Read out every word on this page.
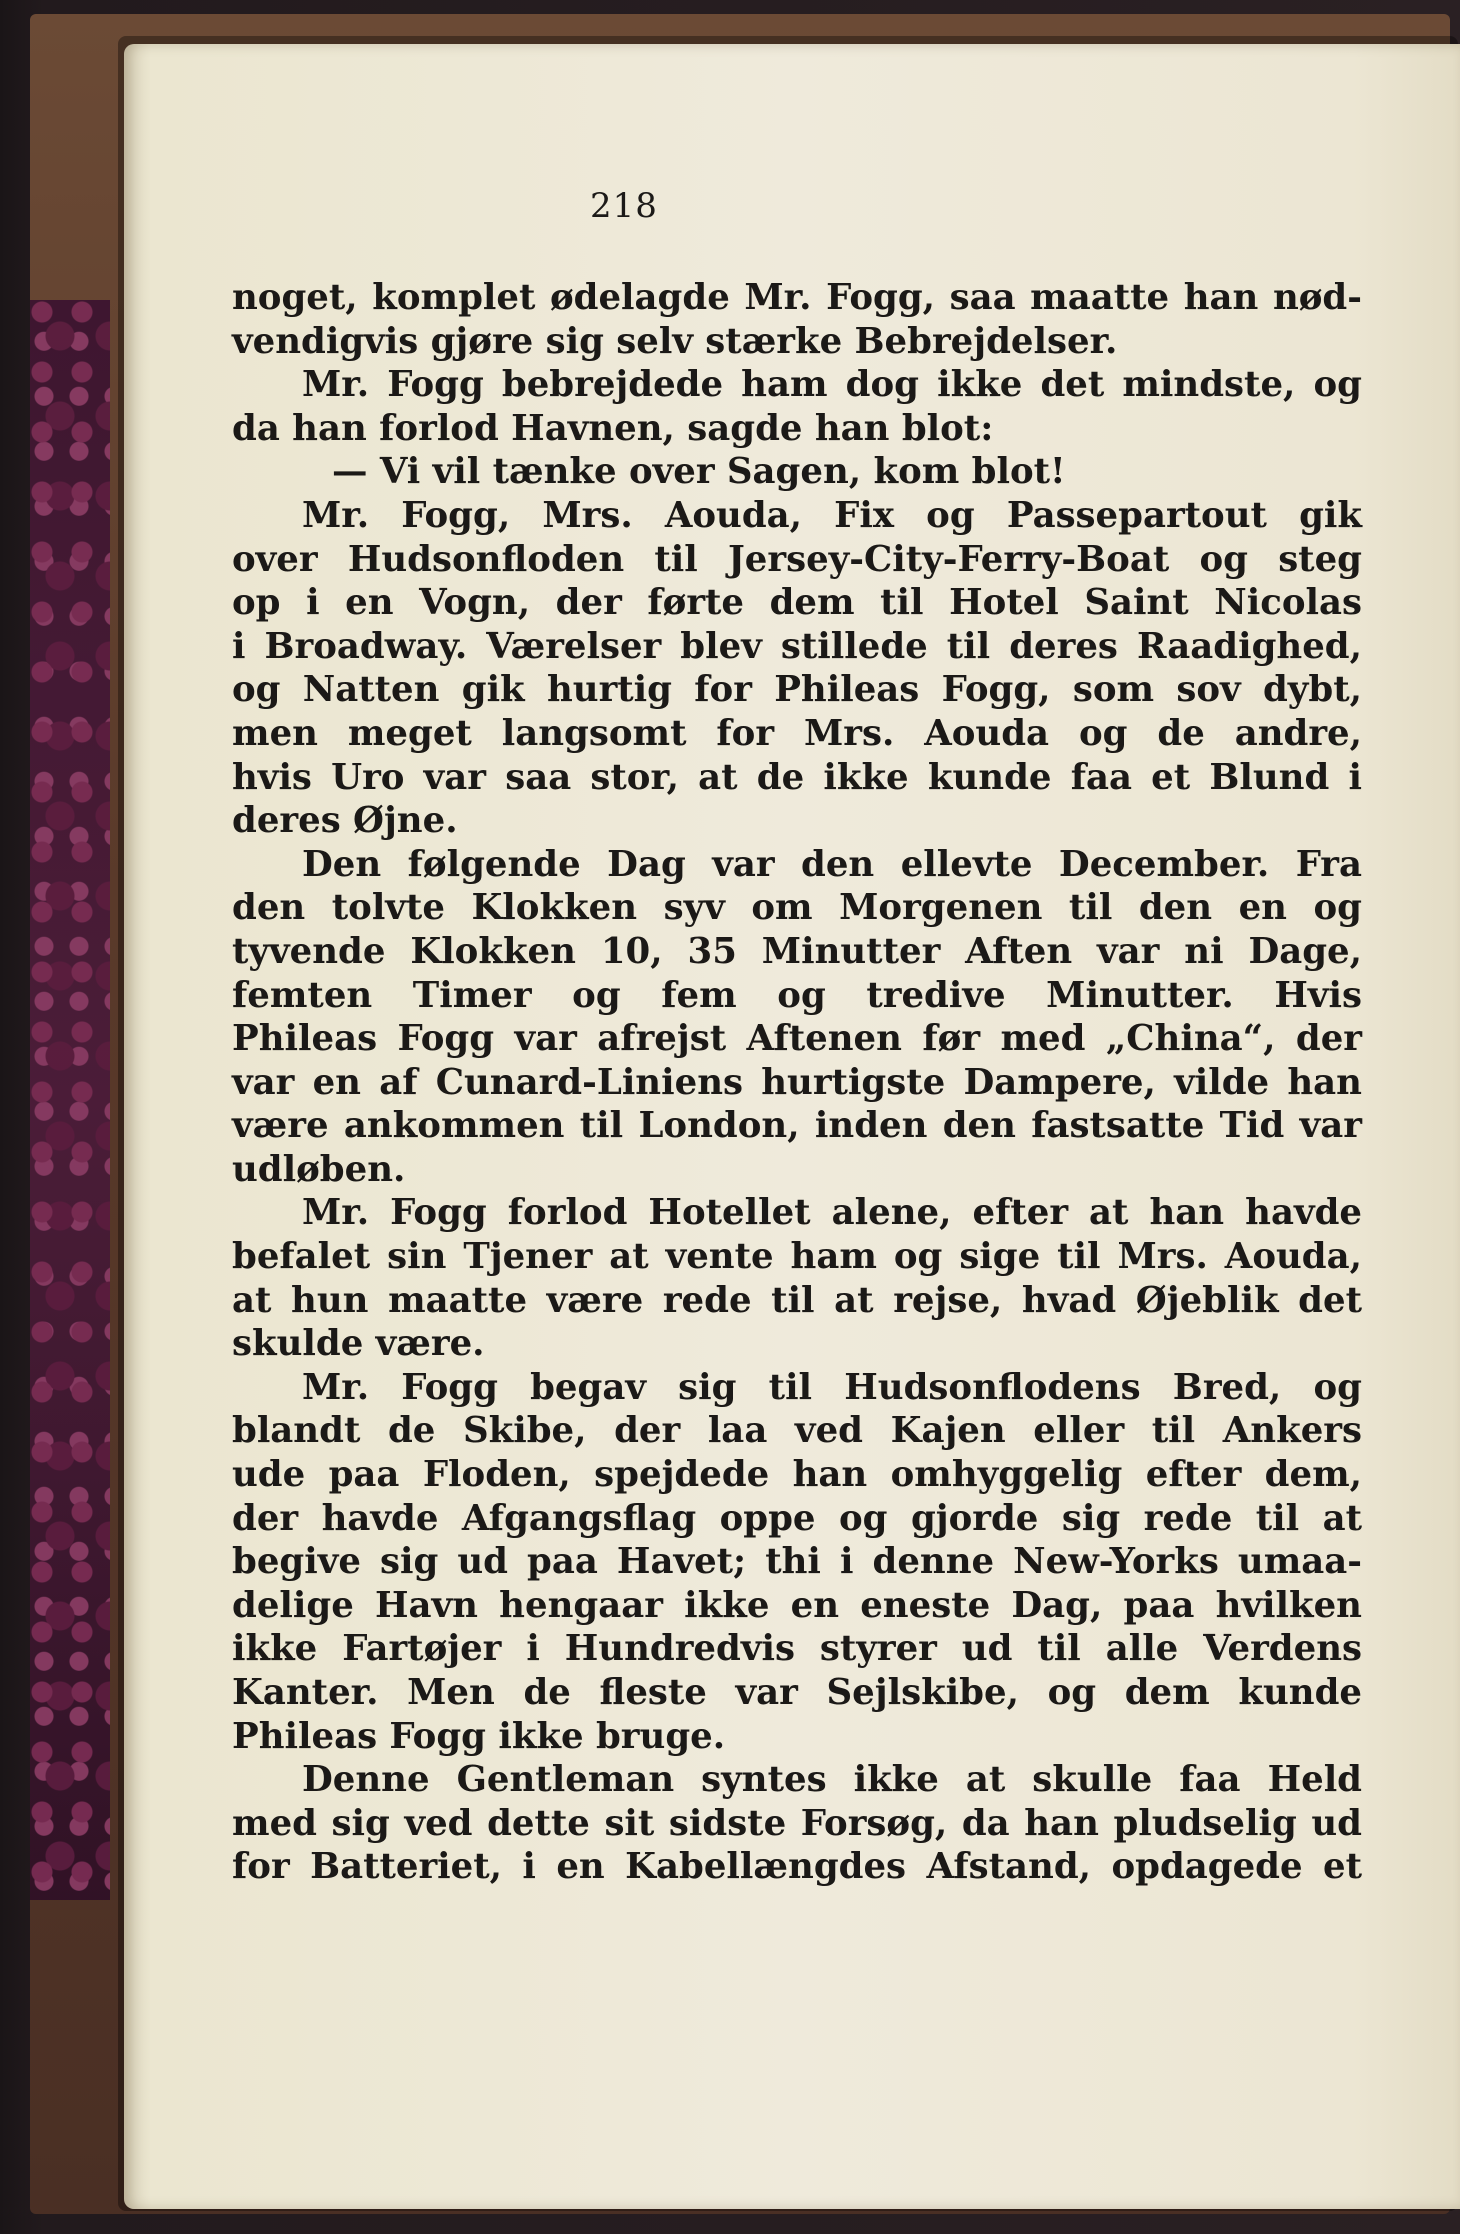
218
noget, komplet ødelagde Mr. Fogg, saa maatte han nød-
vendigvis gjøre sig selv stærke Bebrejdelser.
Mr. Fogg bebrejdede ham dog ikke det mindste, og
da han forlod Havnen, sagde han blot:
— Vi vil tænke over Sagen, kom blot!
Mr. Fogg, Mrs. Aouda, Fix og Passepartout gik
over Hudsonfloden til Jersey-City-Ferry-Boat og steg
op i en Vogn, der førte dem til Hotel Saint Nicolas
i Broadway. Værelser blev stillede til deres Raadighed,
og Natten gik hurtig for Phileas Fogg, som sov dybt,
men meget langsomt for Mrs. Aouda og de andre,
hvis Uro var saa stor, at de ikke kunde faa et Blund i
deres Øjne.
Den følgende Dag var den ellevte December. Fra
den tolvte Klokken syv om Morgenen til den en og
tyvende Klokken 10, 35 Minutter Aften var ni Dage,
femten Timer og fem og tredive Minutter. Hvis
Phileas Fogg var afrejst Aftenen før med „China“, der
var en af Cunard-Liniens hurtigste Dampere, vilde han
være ankommen til London, inden den fastsatte Tid var
udløben.
Mr. Fogg forlod Hotellet alene, efter at han havde
befalet sin Tjener at vente ham og sige til Mrs. Aouda,
at hun maatte være rede til at rejse, hvad Øjeblik det
skulde være.
Mr. Fogg begav sig til Hudsonflodens Bred, og
blandt de Skibe, der laa ved Kajen eller til Ankers
ude paa Floden, spejdede han omhyggelig efter dem,
der havde Afgangsflag oppe og gjorde sig rede til at
begive sig ud paa Havet; thi i denne New-Yorks umaa-
delige Havn hengaar ikke en eneste Dag, paa hvilken
ikke Fartøjer i Hundredvis styrer ud til alle Verdens
Kanter. Men de fleste var Sejlskibe, og dem kunde
Phileas Fogg ikke bruge.
Denne Gentleman syntes ikke at skulle faa Held
med sig ved dette sit sidste Forsøg, da han pludselig ud
for Batteriet, i en Kabellængdes Afstand, opdagede et
